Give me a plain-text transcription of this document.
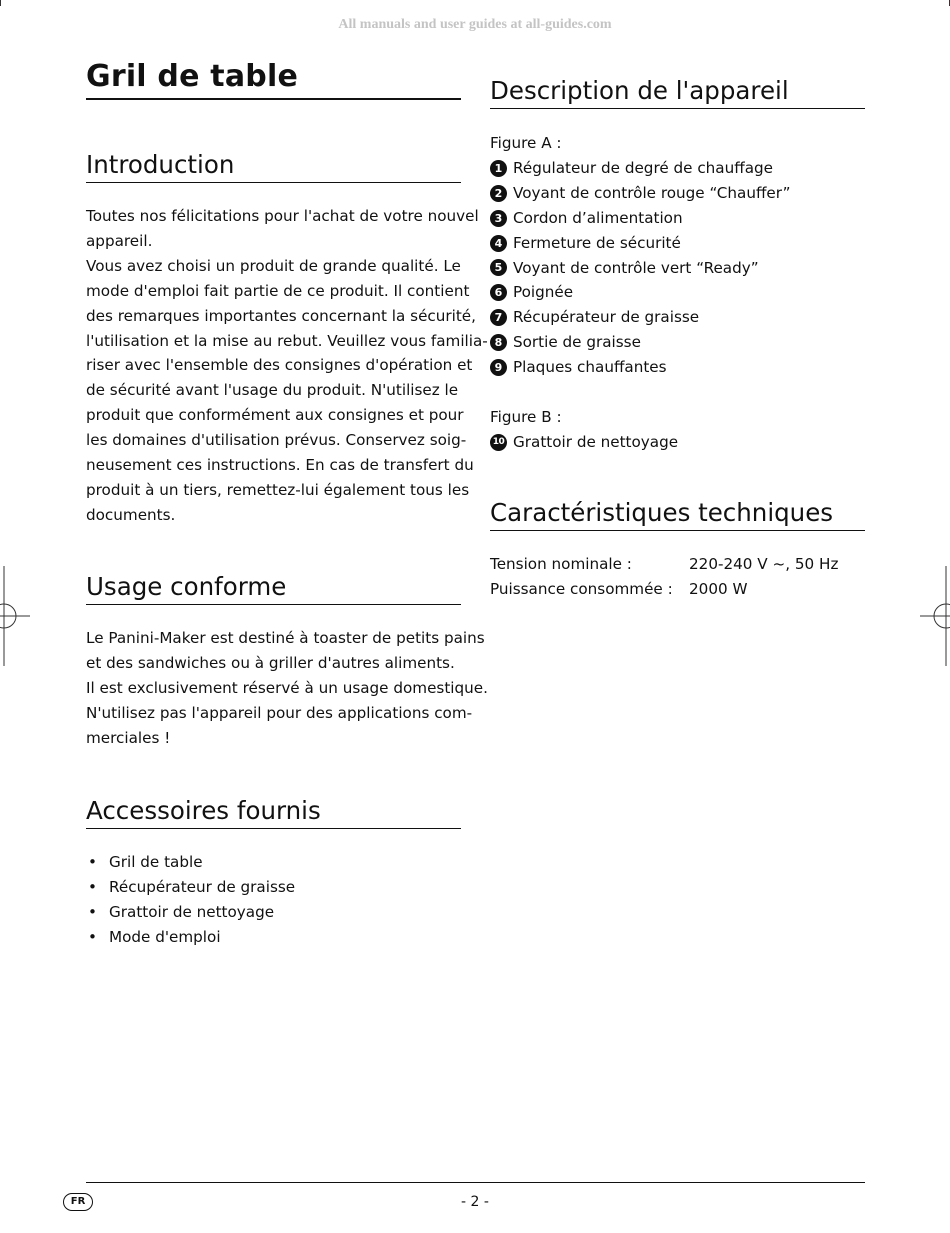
All manuals and user guides at all-guides.com
Gril de table
Introduction

Toutes nos félicitations pour l'achat de votre nouvel
appareil.
Vous avez choisi un produit de grande qualité. Le
mode d'emploi fait partie de ce produit. Il contient
des remarques importantes concernant la sécurité,
l'utilisation et la mise au rebut. Veuillez vous familia-
riser avec l'ensemble des consignes d'opération et
de sécurité avant l'usage du produit. N'utilisez le
produit que conformément aux consignes et pour
les domaines d'utilisation prévus. Conservez soig-
neusement ces instructions. En cas de transfert du
produit à un tiers, remettez-lui également tous les
documents.

Usage conforme

Le Panini-Maker est destiné à toaster de petits pains
et des sandwiches ou à griller d'autres aliments.
Il est exclusivement réservé à un usage domestique.
N'utilisez pas l'appareil pour des applications com-
merciales !

Accessoires fournis
• Gril de table
• Récupérateur de graisse
• Grattoir de nettoyage
• Mode d'emploi
Description de l'appareil
Figure A :
1 Régulateur de degré de chauffage
2 Voyant de contrôle rouge “Chauffer”
3 Cordon d’alimentation
4 Fermeture de sécurité
5 Voyant de contrôle vert “Ready”
6 Poignée
7 Récupérateur de graisse
8 Sortie de graisse
9 Plaques chauffantes
Figure B :
10 Grattoir de nettoyage
Caractéristiques techniques
Tension nominale :	220-240 V ~, 50 Hz
Puissance consommée :	2000 W
FR	- 2 -
